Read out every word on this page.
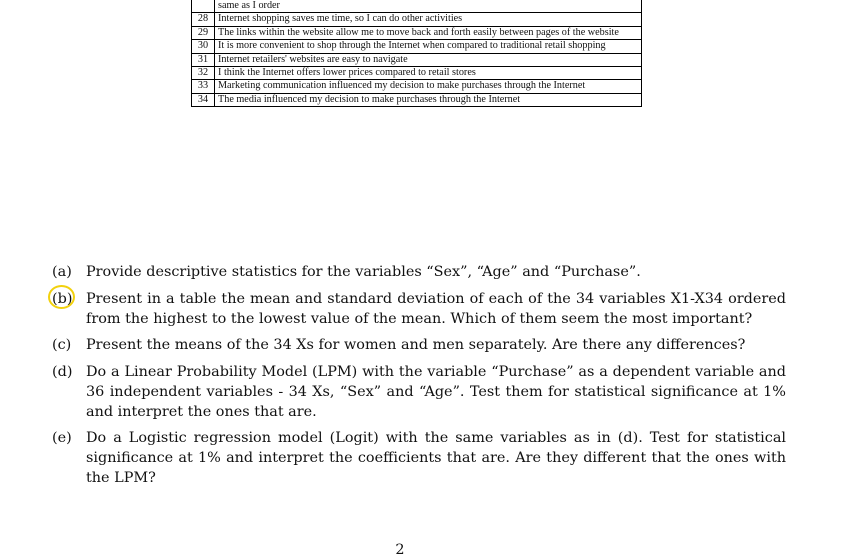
	same as I order
28	Internet shopping saves me time, so I can do other activities
29	The links within the website allow me to move back and forth easily between pages of the website
30	It is more convenient to shop through the Internet when compared to traditional retail shopping
31	Internet retailers' websites are easy to navigate
32	I think the Internet offers lower prices compared to retail stores
33	Marketing communication influenced my decision to make purchases through the Internet
34	The media influenced my decision to make purchases through the Internet
(a) Provide descriptive statistics for the variables “Sex”, “Age” and “Purchase”.
(b) Present in a table the mean and standard deviation of each of the 34 variables X1-X34 ordered from the highest to the lowest value of the mean. Which of them seem the most important?
(c)	Present the means of the 34 Xs for women and men separately. Are there any differences?
(d) Do a Linear Probability Model (LPM) with the variable “Purchase” as a dependent variable and 36 independent variables - 34 Xs, “Sex” and “Age”. Test them for statistical significance at 1% and interpret the ones that are.
(e) Do a Logistic regression model (Logit) with the same variables as in (d). Test for statistical significance at 1% and interpret the coefficients that are. Are they different that the ones with the LPM?
2
